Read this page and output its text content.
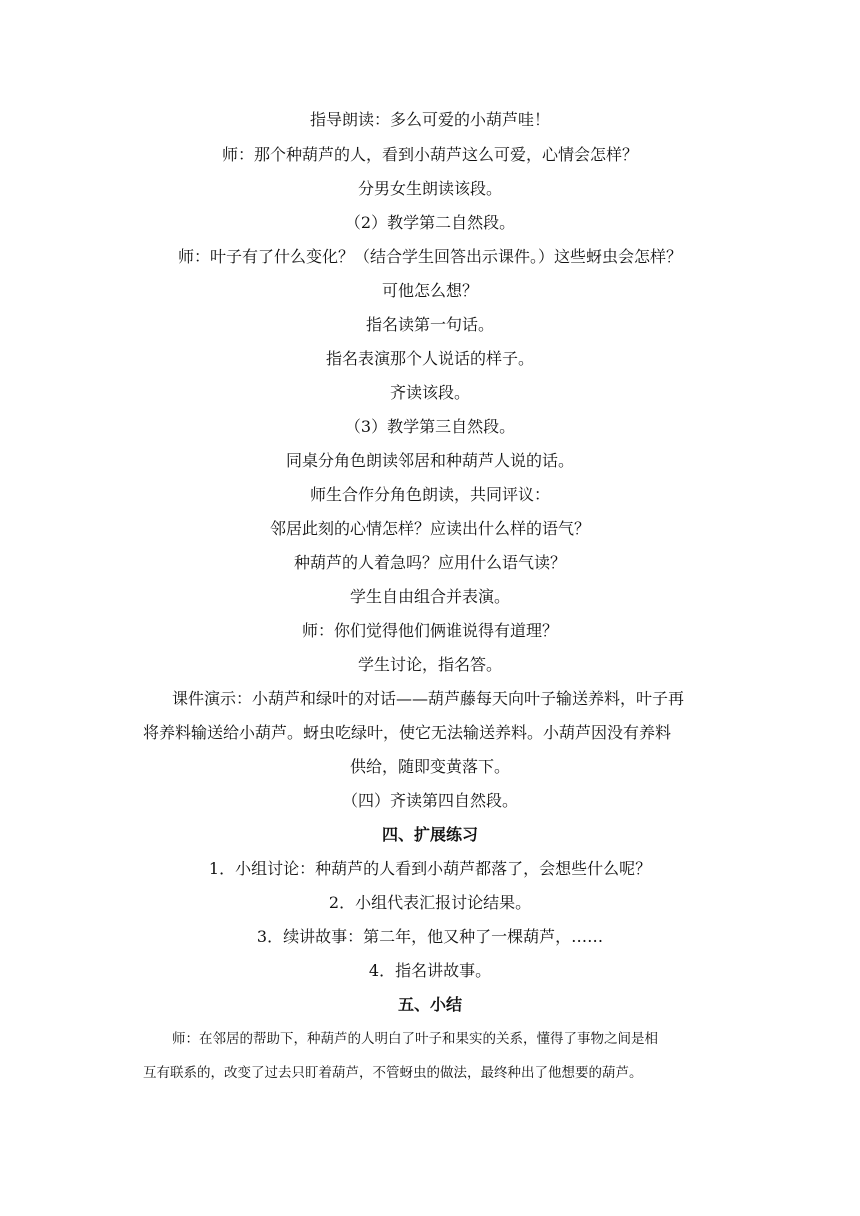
指导朗读：多么可爱的小葫芦哇！
师：那个种葫芦的人，看到小葫芦这么可爱，心情会怎样？
分男女生朗读该段。
（2）教学第二自然段。
师：叶子有了什么变化？（结合学生回答出示课件。）这些蚜虫会怎样？
可他怎么想？
指名读第一句话。
指名表演那个人说话的样子。
齐读该段。
（3）教学第三自然段。
同桌分角色朗读邻居和种葫芦人说的话。
师生合作分角色朗读，共同评议：
邻居此刻的心情怎样？应读出什么样的语气？
种葫芦的人着急吗？应用什么语气读？
学生自由组合并表演。
师：你们觉得他们俩谁说得有道理？
学生讨论，指名答。
课件演示：小葫芦和绿叶的对话——葫芦藤每天向叶子输送养料，叶子再
将养料输送给小葫芦。蚜虫吃绿叶，使它无法输送养料。小葫芦因没有养料
供给，随即变黄落下。
（四）齐读第四自然段。
四、扩展练习
1．小组讨论：种葫芦的人看到小葫芦都落了，会想些什么呢？
2．小组代表汇报讨论结果。
3．续讲故事：第二年，他又种了一棵葫芦，……
4．指名讲故事。
五、小结
师：在邻居的帮助下，种葫芦的人明白了叶子和果实的关系，懂得了事物之间是相
互有联系的，改变了过去只盯着葫芦，不管蚜虫的做法，最终种出了他想要的葫芦。
